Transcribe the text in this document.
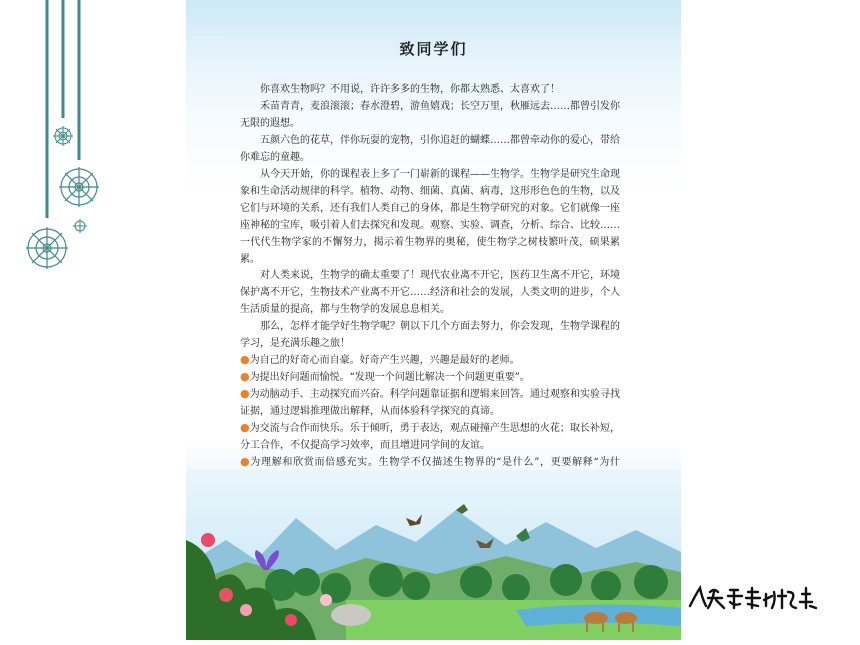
........
致同学们

你喜欢生物吗？不用说，许许多多的生物，你都太熟悉、太喜欢了！

禾苗青青，麦浪滚滚；春水澄碧，游鱼嬉戏；长空万里，秋雁远去……都曾引发你无限的遐想。

五颜六色的花草，伴你玩耍的宠物，引你追赶的蝴蝶……都曾牵动你的爱心，带给你难忘的童趣。

从今天开始，你的课程表上多了一门崭新的课程——生物学。生物学是研究生命现象和生命活动规律的科学。植物、动物、细菌、真菌、病毒，这形形色色的生物，以及它们与环境的关系，还有我们人类自己的身体，都是生物学研究的对象。它们就像一座座神秘的宝库，吸引着人们去探究和发现。观察、实验、调查，分析、综合、比较……一代代生物学家的不懈努力，揭示着生物界的奥秘，使生物学之树枝繁叶茂，硕果累累。

对人类来说，生物学的确太重要了！现代农业离不开它，医药卫生离不开它，环境保护离不开它，生物技术产业离不开它……经济和社会的发展，人类文明的进步，个人生活质量的提高，都与生物学的发展息息相关。

那么，怎样才能学好生物学呢？朝以下几个方面去努力，你会发现，生物学课程的学习，是充满乐趣之旅！

●为自己的好奇心而自豪。好奇产生兴趣，兴趣是最好的老师。

●为提出好问题而愉悦。“发现一个问题比解决一个问题更重要”。

●为动脑动手、主动探究而兴奋。科学问题靠证据和逻辑来回答。通过观察和实验寻找证据，通过逻辑推理做出解释，从而体验科学探究的真谛。

●为交流与合作而快乐。乐于倾听，勇于表达，观点碰撞产生思想的火花；取长补短，分工合作，不仅提高学习效率，而且增进同学间的友谊。

●为理解和欣赏而倍感充实。生物学不仅描述生物界的“是什么”，更要解释“为什
